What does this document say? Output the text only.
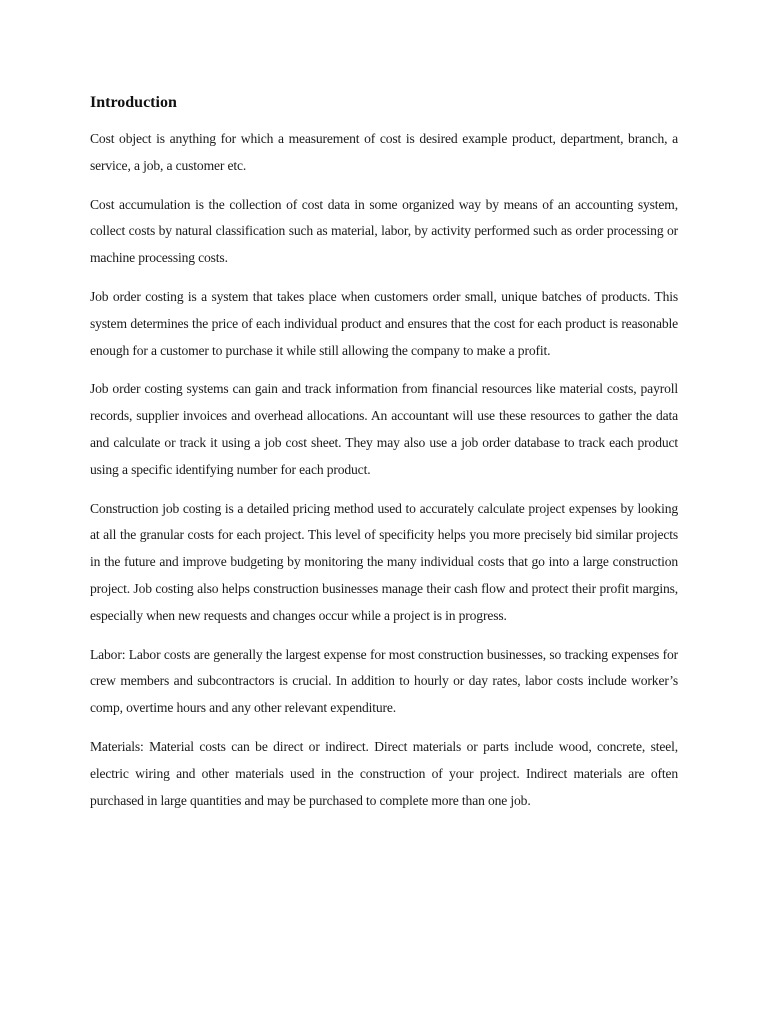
Introduction

Cost object is anything for which a measurement of cost is desired example product, department, branch, a service, a job, a customer etc.

Cost accumulation is the collection of cost data in some organized way by means of an accounting system, collect costs by natural classification such as material, labor, by activity performed such as order processing or machine processing costs.

Job order costing is a system that takes place when customers order small, unique batches of products. This system determines the price of each individual product and ensures that the cost for each product is reasonable enough for a customer to purchase it while still allowing the company to make a profit.

Job order costing systems can gain and track information from financial resources like material costs, payroll records, supplier invoices and overhead allocations. An accountant will use these resources to gather the data and calculate or track it using a job cost sheet. They may also use a job order database to track each product using a specific identifying number for each product.

Construction job costing is a detailed pricing method used to accurately calculate project expenses by looking at all the granular costs for each project. This level of specificity helps you more precisely bid similar projects in the future and improve budgeting by monitoring the many individual costs that go into a large construction project. Job costing also helps construction businesses manage their cash flow and protect their profit margins, especially when new requests and changes occur while a project is in progress.

Labor: Labor costs are generally the largest expense for most construction businesses, so tracking expenses for crew members and subcontractors is crucial. In addition to hourly or day rates, labor costs include worker’s comp, overtime hours and any other relevant expenditure.

Materials: Material costs can be direct or indirect. Direct materials or parts include wood, concrete, steel, electric wiring and other materials used in the construction of your project. Indirect materials are often purchased in large quantities and may be purchased to complete more than one job.
